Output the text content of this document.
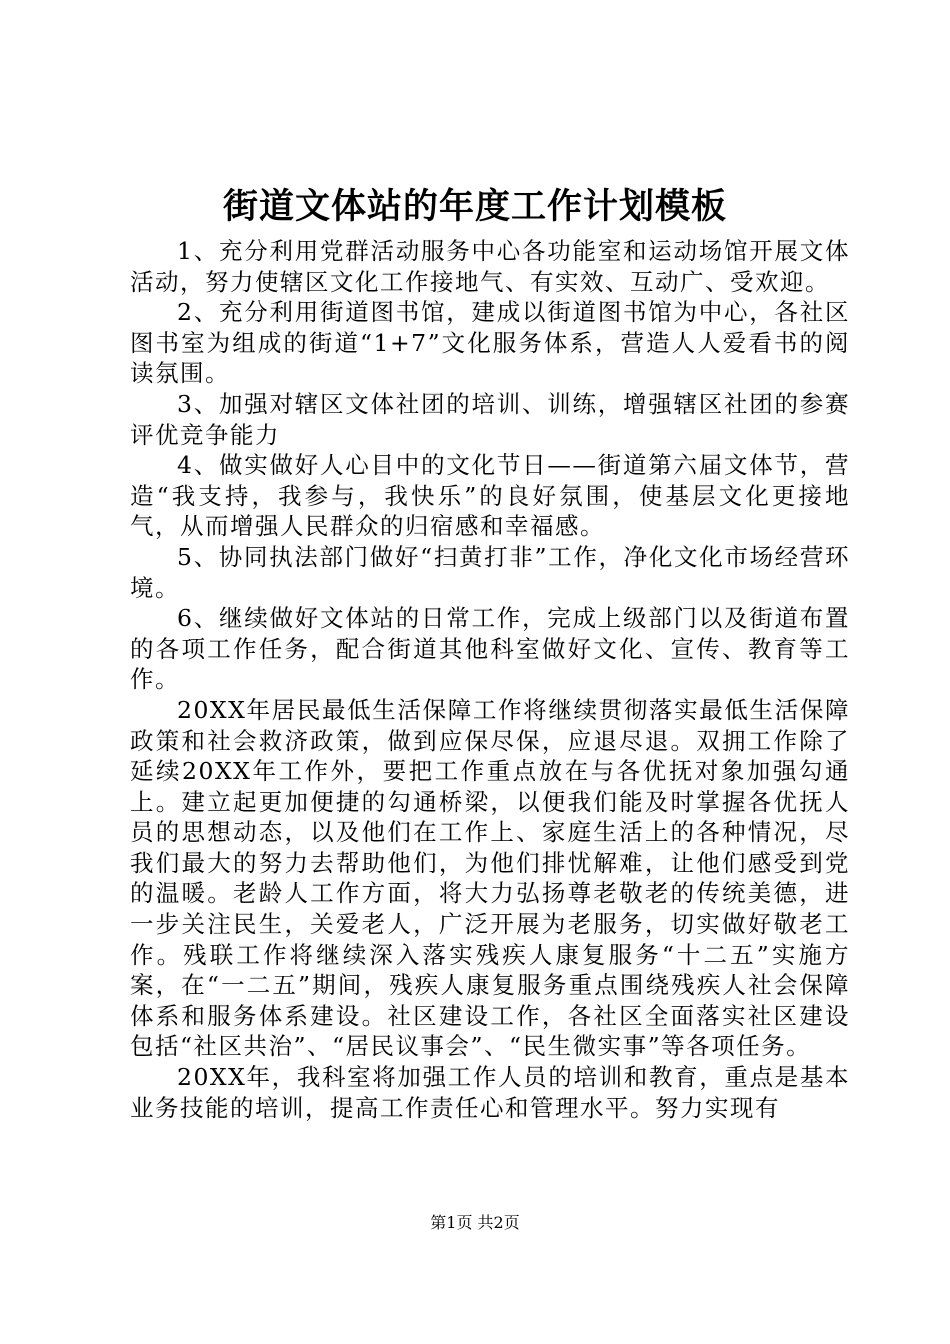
街道文体站的年度工作计划模板

1、充分利用党群活动服务中心各功能室和运动场馆开展文体活动，努力使辖区文化工作接地气、有实效、互动广、受欢迎。

2、充分利用街道图书馆，建成以街道图书馆为中心，各社区图书室为组成的街道“1+7”文化服务体系，营造人人爱看书的阅读氛围。

3、加强对辖区文体社团的培训、训练，增强辖区社团的参赛评优竞争能力

4、做实做好人心目中的文化节日——街道第六届文体节，营造“我支持，我参与，我快乐”的良好氛围，使基层文化更接地气，从而增强人民群众的归宿感和幸福感。

5、协同执法部门做好“扫黄打非”工作，净化文化市场经营环境。

6、继续做好文体站的日常工作，完成上级部门以及街道布置的各项工作任务，配合街道其他科室做好文化、宣传、教育等工作。

20XX年居民最低生活保障工作将继续贯彻落实最低生活保障政策和社会救济政策，做到应保尽保，应退尽退。双拥工作除了延续20XX年工作外，要把工作重点放在与各优抚对象加强勾通上。建立起更加便捷的勾通桥梁，以便我们能及时掌握各优抚人员的思想动态，以及他们在工作上、家庭生活上的各种情况，尽我们最大的努力去帮助他们，为他们排忧解难，让他们感受到党的温暖。老龄人工作方面，将大力弘扬尊老敬老的传统美德，进一步关注民生，关爱老人，广泛开展为老服务，切实做好敬老工作。残联工作将继续深入落实残疾人康复服务“十二五”实施方案，在“一二五”期间，残疾人康复服务重点围绕残疾人社会保障体系和服务体系建设。社区建设工作，各社区全面落实社区建设包括“社区共治”、“居民议事会”、“民生微实事”等各项任务。

20XX年，我科室将加强工作人员的培训和教育，重点是基本业务技能的培训，提高工作责任心和管理水平。努力实现有

第1页 共2页
